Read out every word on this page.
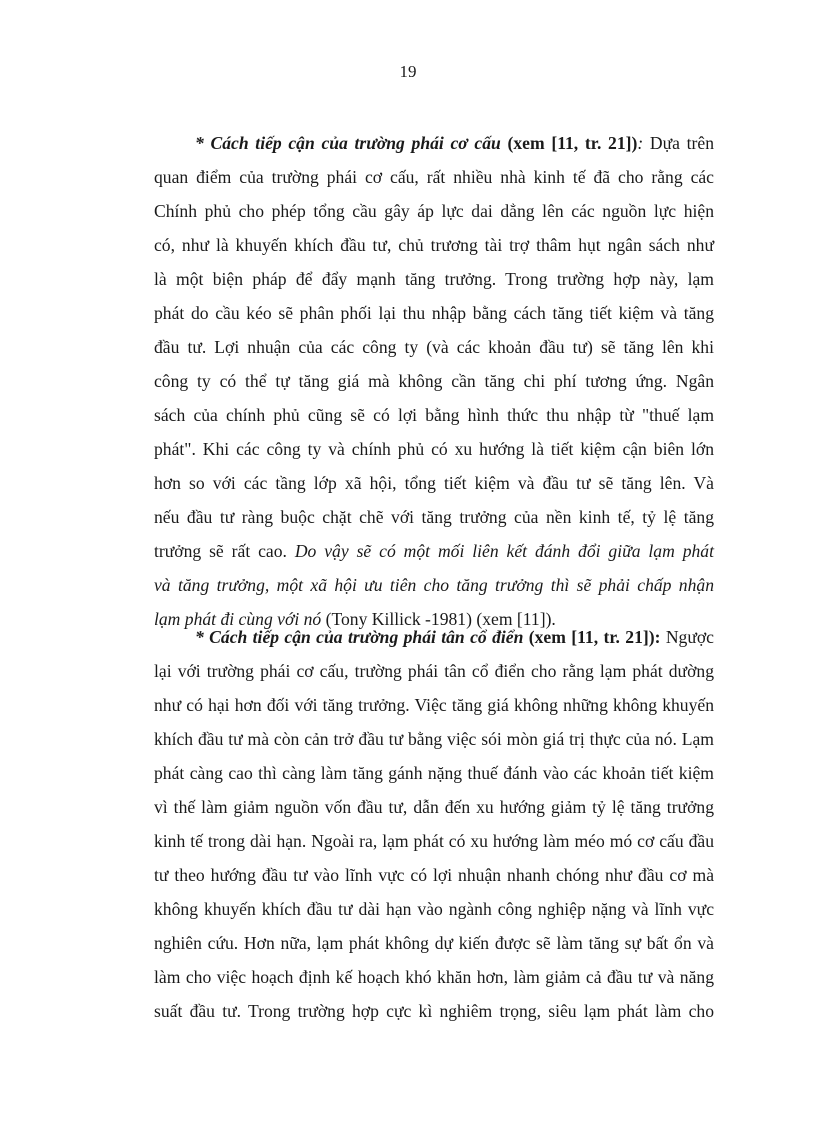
19
* Cách tiếp cận của trường phái cơ cấu (xem [11, tr. 21]): Dựa trên
quan điểm của trường phái cơ cấu, rất nhiều nhà kinh tế đã cho rằng các
Chính phủ cho phép tổng cầu gây áp lực dai dẳng lên các nguồn lực hiện
có, như là khuyến khích đầu tư, chủ trương tài trợ thâm hụt ngân sách như
là một biện pháp để đẩy mạnh tăng trưởng. Trong trường hợp này, lạm
phát do cầu kéo sẽ phân phối lại thu nhập bằng cách tăng tiết kiệm và tăng
đầu tư. Lợi nhuận của các công ty (và các khoản đầu tư) sẽ tăng lên khi
công ty có thể tự tăng giá mà không cần tăng chi phí tương ứng. Ngân
sách của chính phủ cũng sẽ có lợi bằng hình thức thu nhập từ "thuế lạm
phát". Khi các công ty và chính phủ có xu hướng là tiết kiệm cận biên lớn
hơn so với các tầng lớp xã hội, tổng tiết kiệm và đầu tư sẽ tăng lên. Và
nếu đầu tư ràng buộc chặt chẽ với tăng trưởng của nền kinh tế, tỷ lệ tăng
trưởng sẽ rất cao. Do vậy sẽ có một mối liên kết đánh đổi giữa lạm phát
và tăng trưởng, một xã hội ưu tiên cho tăng trưởng thì sẽ phải chấp nhận
lạm phát đi cùng với nó (Tony Killick -1981) (xem [11]).
* Cách tiếp cận của trường phái tân cổ điển (xem [11, tr. 21]): Ngược
lại với trường phái cơ cấu, trường phái tân cổ điển cho rằng lạm phát dường
như có hại hơn đối với tăng trưởng. Việc tăng giá không những không khuyến
khích đầu tư mà còn cản trở đầu tư bằng việc sói mòn giá trị thực của nó. Lạm
phát càng cao thì càng làm tăng gánh nặng thuế đánh vào các khoản tiết kiệm
vì thế làm giảm nguồn vốn đầu tư, dẫn đến xu hướng giảm tỷ lệ tăng trưởng
kinh tế trong dài hạn. Ngoài ra, lạm phát có xu hướng làm méo mó cơ cấu đầu
tư theo hướng đầu tư vào lĩnh vực có lợi nhuận nhanh chóng như đầu cơ mà
không khuyến khích đầu tư dài hạn vào ngành công nghiệp nặng và lĩnh vực
nghiên cứu. Hơn nữa, lạm phát không dự kiến được sẽ làm tăng sự bất ổn và
làm cho việc hoạch định kế hoạch khó khăn hơn, làm giảm cả đầu tư và năng
suất đầu tư. Trong trường hợp cực kì nghiêm trọng, siêu lạm phát làm cho
